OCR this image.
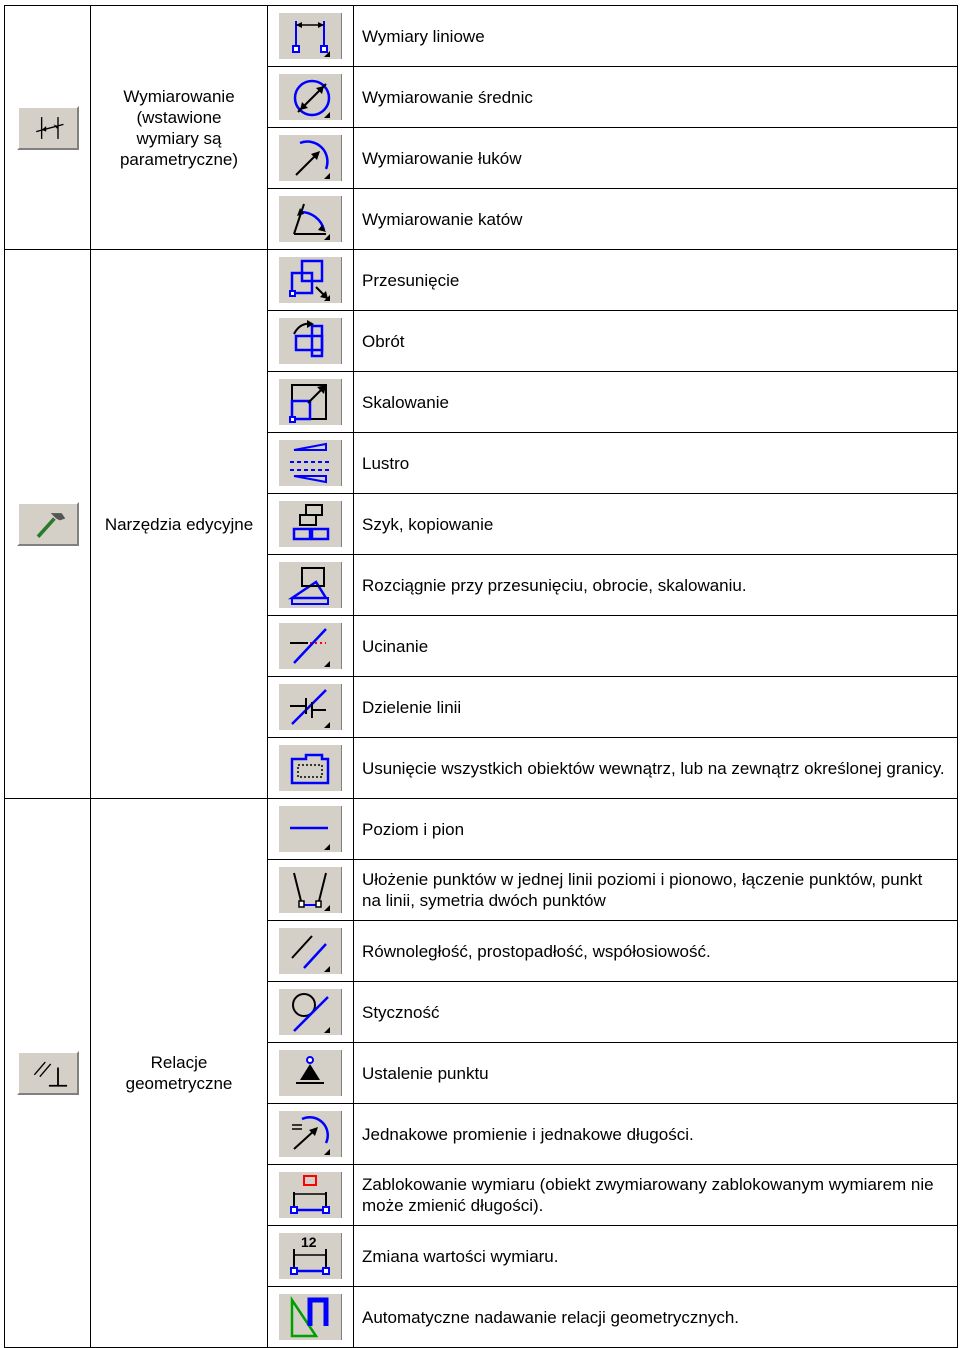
Wymiarowanie
(wstawione
wymiary są
parametryczne)		Wymiary liniowe

	Wymiarowanie średnic

	Wymiarowanie łuków

	Wymiarowanie katów

Narzędzia edycyjne		Przesunięcie

	Obrót

	Skalowanie

	Lustro

	Szyk, kopiowanie

	Rozciągnie przy przesunięciu, obrocie, skalowaniu.

	Ucinanie

	Dzielenie linii

	Usunięcie wszystkich obiektów wewnątrz, lub na zewnątrz określonej granicy.

Relacje
geometryczne		Poziom i pion

	Ułożenie punktów w jednej linii poziomi i pionowo, łączenie punktów, punkt na linii, symetria dwóch punktów

	Równoległość, prostopadłość, współosiowość.

	Styczność

	Ustalenie punktu

	Jednakowe promienie i jednakowe długości.

	Zablokowanie wymiaru (obiekt zwymiarowany zablokowanym wymiarem nie może zmienić długości).

12	Zmiana wartości wymiaru.

	Automatyczne nadawanie relacji geometrycznych.
